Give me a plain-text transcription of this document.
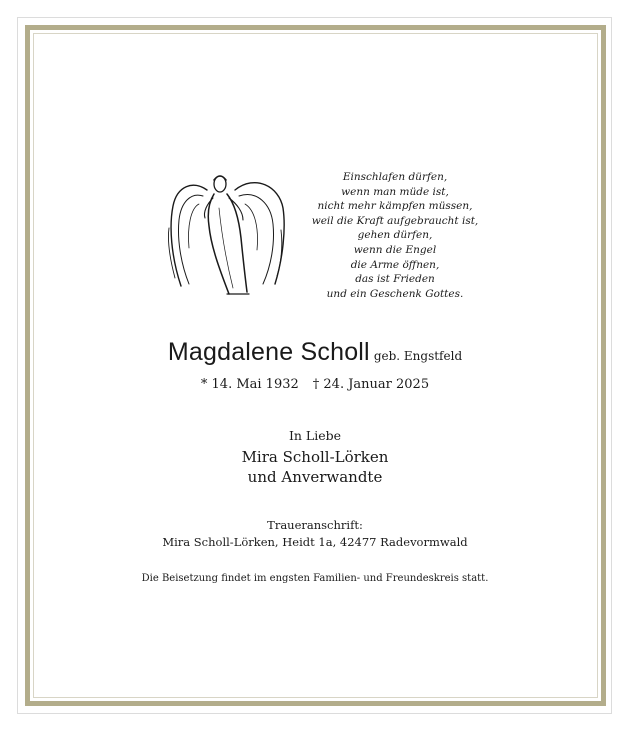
Einschlafen dürfen,
wenn man müde ist,
nicht mehr kämpfen müssen,
weil die Kraft aufgebraucht ist,
gehen dürfen,
wenn die Engel
die Arme öffnen,
das ist Frieden
und ein Geschenk Gottes.
Magdalene Scholl geb. Engstfeld
* 14. Mai 1932 † 24. Januar 2025
In Liebe
Mira Scholl-Lörken
und Anverwandte
Traueranschrift:
Mira Scholl-Lörken, Heidt 1a, 42477 Radevormwald
Die Beisetzung findet im engsten Familien- und Freundeskreis statt.
